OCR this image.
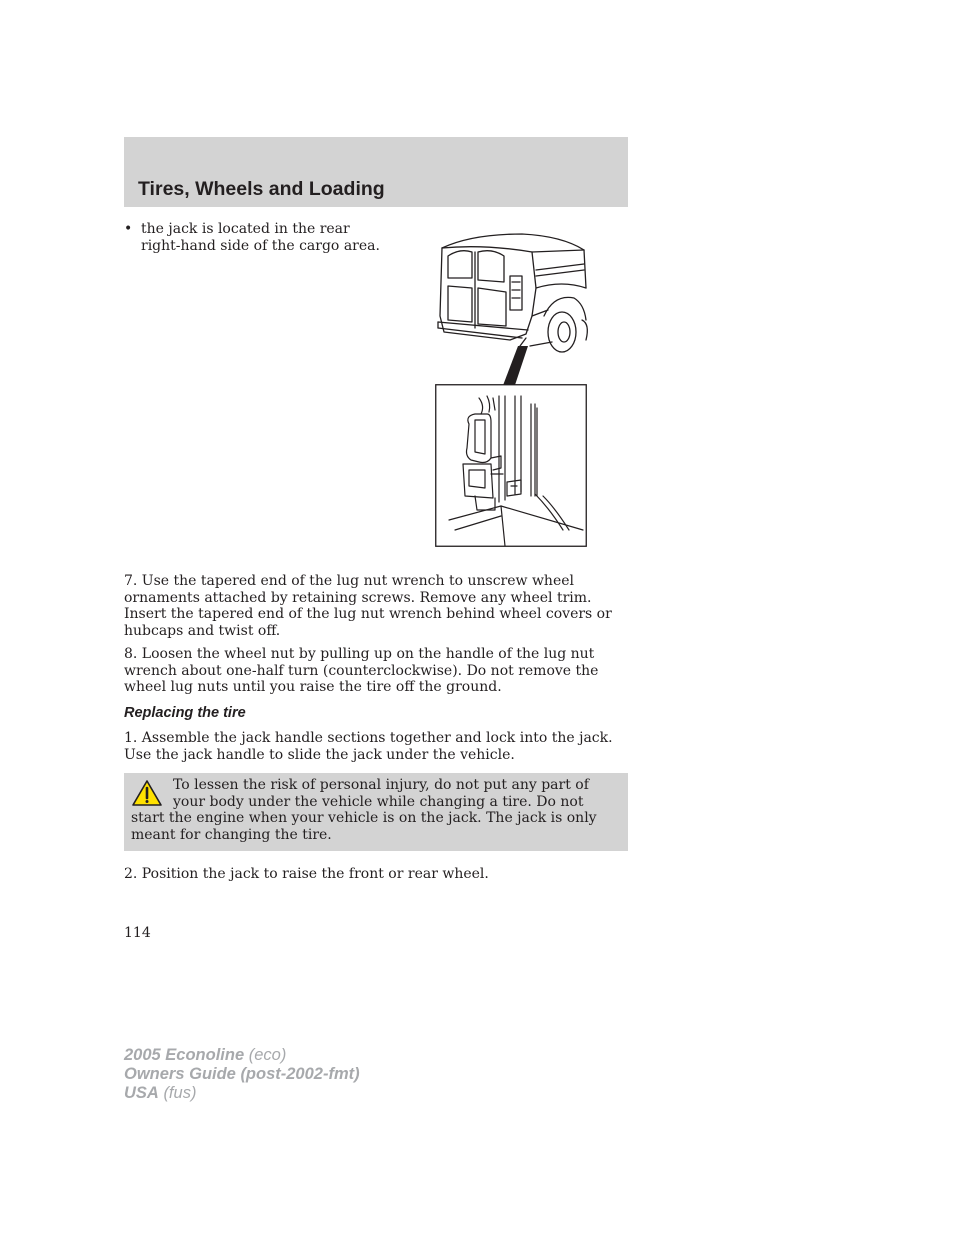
Tires, Wheels and Loading
• the jack is located in the rear right-hand side of the cargo area.

7. Use the tapered end of the lug nut wrench to unscrew wheel ornaments attached by retaining screws. Remove any wheel trim. Insert the tapered end of the lug nut wrench behind wheel covers or hubcaps and twist off.

8. Loosen the wheel nut by pulling up on the handle of the lug nut wrench about one-half turn (counterclockwise). Do not remove the wheel lug nuts until you raise the tire off the ground.

Replacing the tire

1. Assemble the jack handle sections together and lock into the jack. Use the jack handle to slide the jack under the vehicle.

To lessen the risk of personal injury, do not put any part of your body under the vehicle while changing a tire. Do not start the engine when your vehicle is on the jack. The jack is only meant for changing the tire.

2. Position the jack to raise the front or rear wheel.

114
2005 Econoline (eco)
Owners Guide (post-2002-fmt)
USA (fus)
